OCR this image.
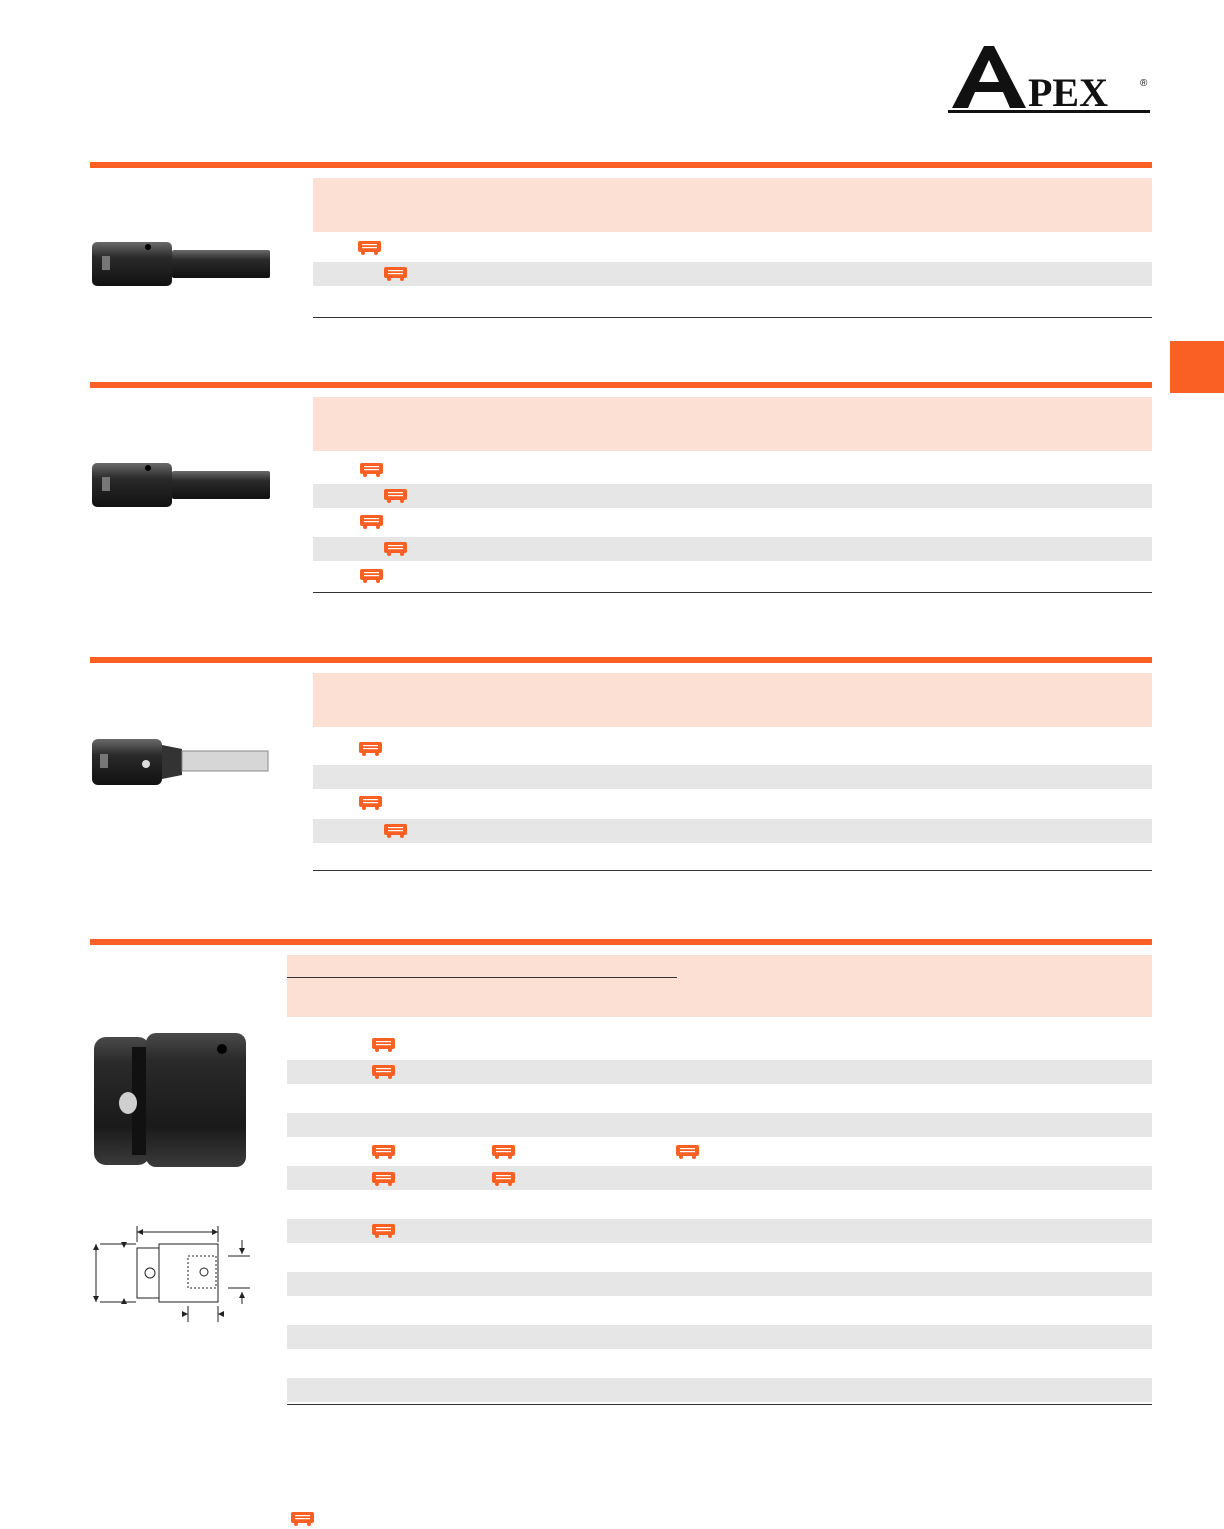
PEX	®
